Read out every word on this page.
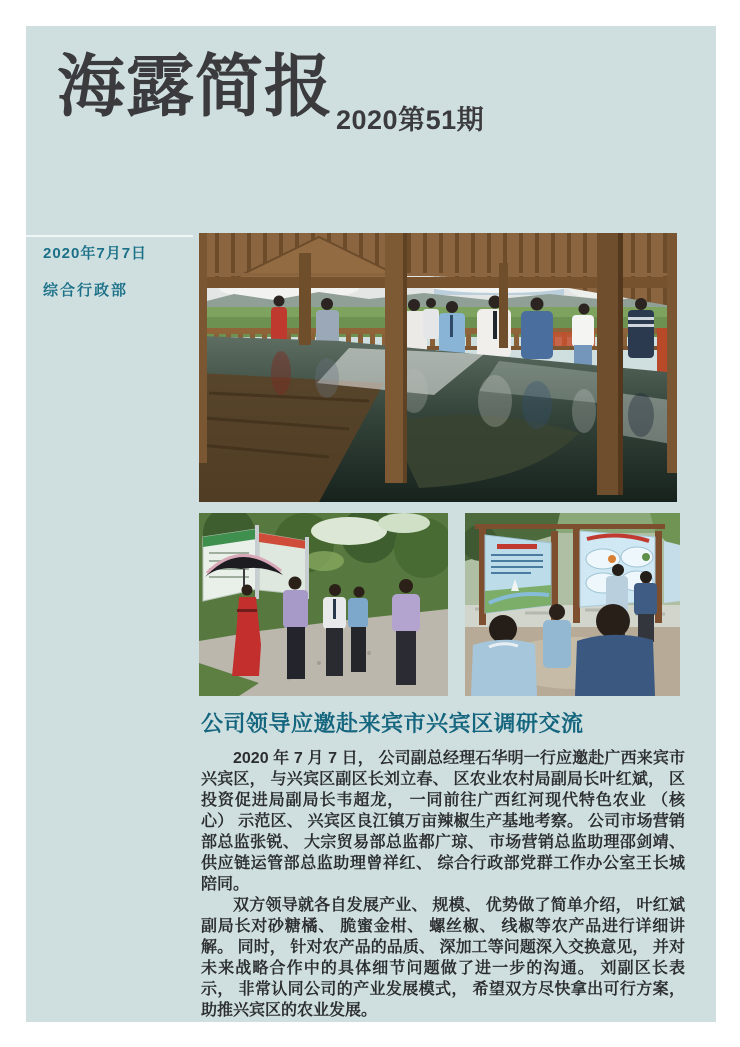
海露简报 2020第51期
2020年7月7日
综合行政部
公司领导应邀赴来宾市兴宾区调研交流

2020 年 7 月 7 日， 公司副总经理石华明一行应邀赴广西来宾市兴宾区， 与兴宾区副区长刘立春、 区农业农村局副局长叶红斌， 区投资促进局副局长韦超龙， 一同前往广西红河现代特色农业 （核心） 示范区、 兴宾区良江镇万亩辣椒生产基地考察。 公司市场营销部总监张锐、 大宗贸易部总监都广琼、 市场营销总监助理邵剑靖、 供应链运管部总监助理曾祥红、 综合行政部党群工作办公室王长城陪同。

双方领导就各自发展产业、 规模、 优势做了简单介绍， 叶红斌副局长对砂糖橘、 脆蜜金柑、 螺丝椒、 线椒等农产品进行详细讲解。 同时， 针对农产品的品质、 深加工等问题深入交换意见， 并对未来战略合作中的具体细节问题做了进一步的沟通。 刘副区长表示， 非常认同公司的产业发展模式， 希望双方尽快拿出可行方案， 助推兴宾区的农业发展。
